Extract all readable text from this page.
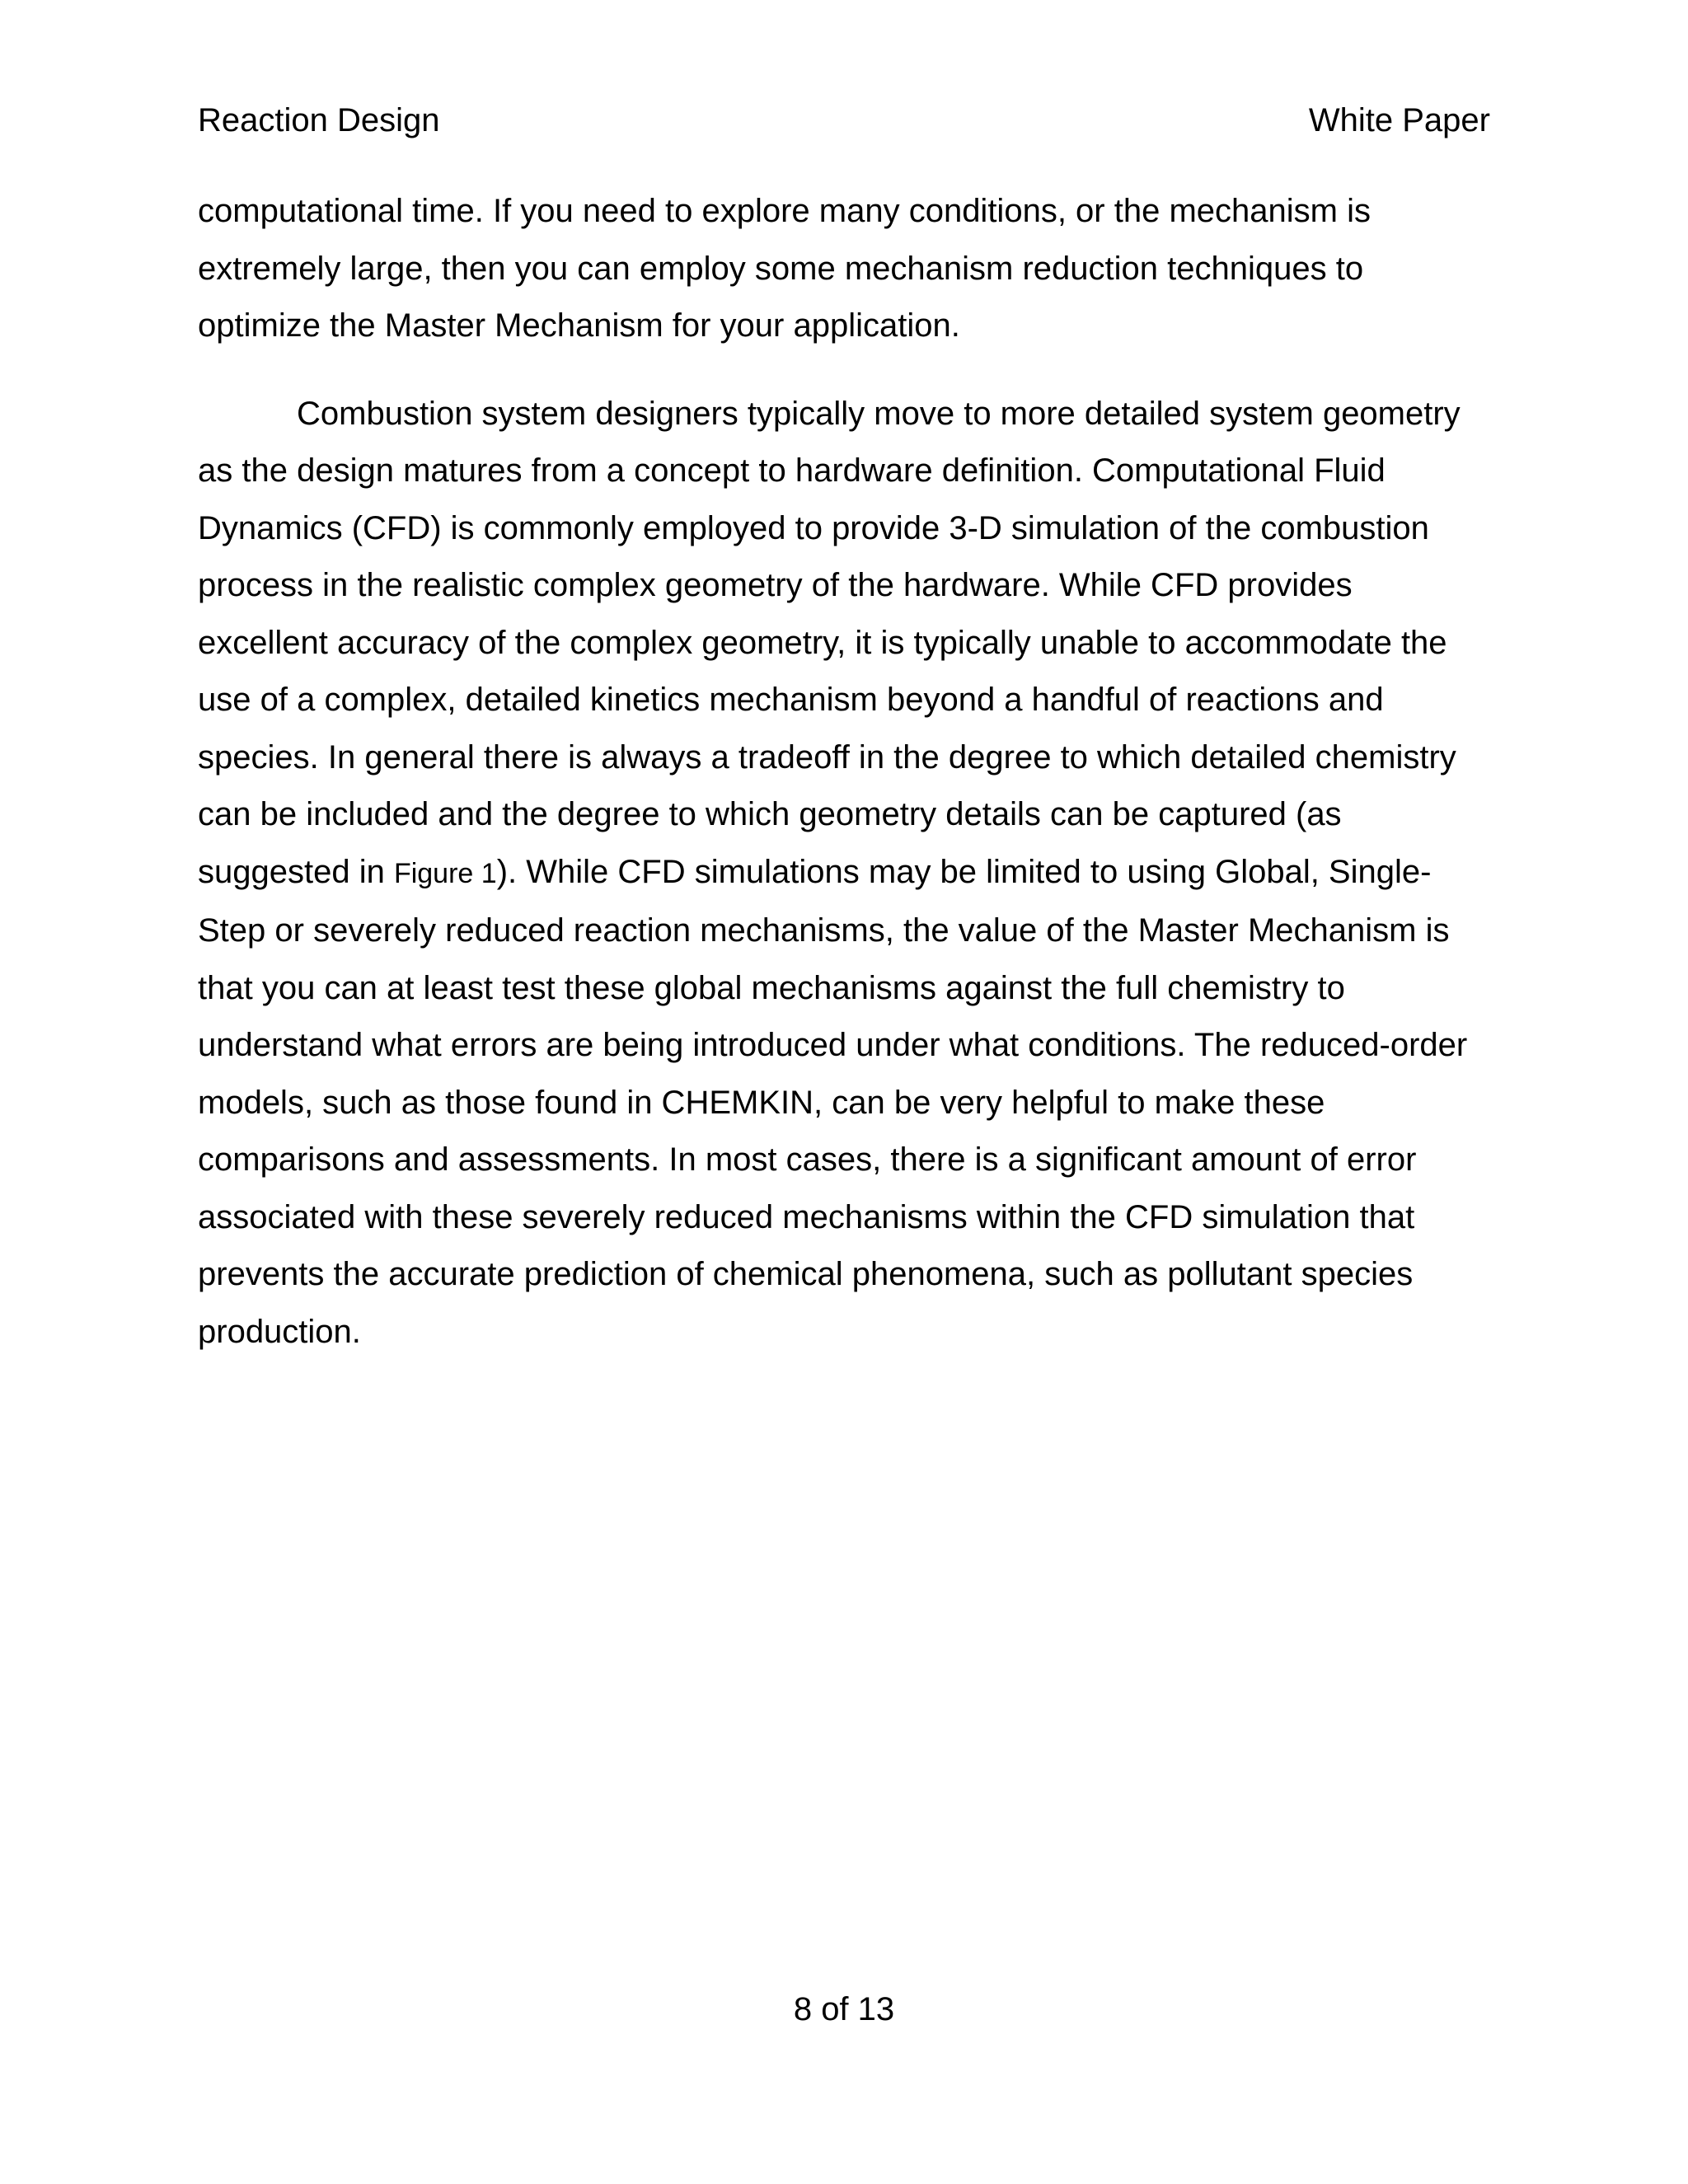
Reaction Design	White Paper
computational time. If you need to explore many conditions, or the mechanism is
extremely large, then you can employ some mechanism reduction techniques to
optimize the Master Mechanism for your application.
Combustion system designers typically move to more detailed system geometry
as the design matures from a concept to hardware definition. Computational Fluid
Dynamics (CFD) is commonly employed to provide 3-D simulation of the combustion
process in the realistic complex geometry of the hardware. While CFD provides
excellent accuracy of the complex geometry, it is typically unable to accommodate the
use of a complex, detailed kinetics mechanism beyond a handful of reactions and
species. In general there is always a tradeoff in the degree to which detailed chemistry
can be included and the degree to which geometry details can be captured (as
suggested in Figure 1). While CFD simulations may be limited to using Global, Single-
Step or severely reduced reaction mechanisms, the value of the Master Mechanism is
that you can at least test these global mechanisms against the full chemistry to
understand what errors are being introduced under what conditions. The reduced-order
models, such as those found in CHEMKIN, can be very helpful to make these
comparisons and assessments. In most cases, there is a significant amount of error
associated with these severely reduced mechanisms within the CFD simulation that
prevents the accurate prediction of chemical phenomena, such as pollutant species
production.
8 of 13
